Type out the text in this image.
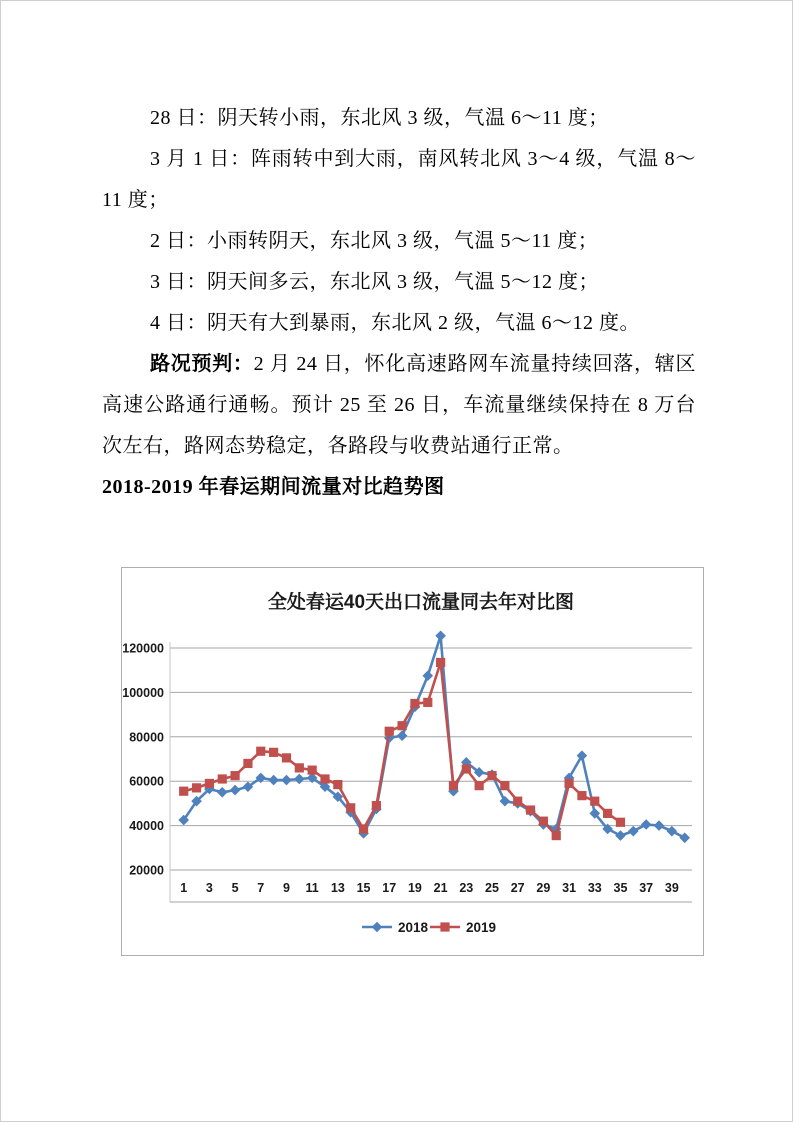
28 日：阴天转小雨，东北风 3 级，气温 6～11 度；

3 月 1 日：阵雨转中到大雨，南风转北风 3～4 级，气温 8～11 度；

2 日：小雨转阴天，东北风 3 级，气温 5～11 度；

3 日：阴天间多云，东北风 3 级，气温 5～12 度；

4 日：阴天有大到暴雨，东北风 2 级，气温 6～12 度。

路况预判：2 月 24 日，怀化高速路网车流量持续回落，辖区高速公路通行通畅。预计 25 至 26 日，车流量继续保持在 8 万台次左右，路网态势稳定，各路段与收费站通行正常。

2018-2019 年春运期间流量对比趋势图

全处春运40天出口流量同去年对比图
20000
40000
60000
80000
100000
120000
1 3 5 7 9 11 13 15 17 19 21 23 25 27 29 31 33 35 37 39
2018	2019
